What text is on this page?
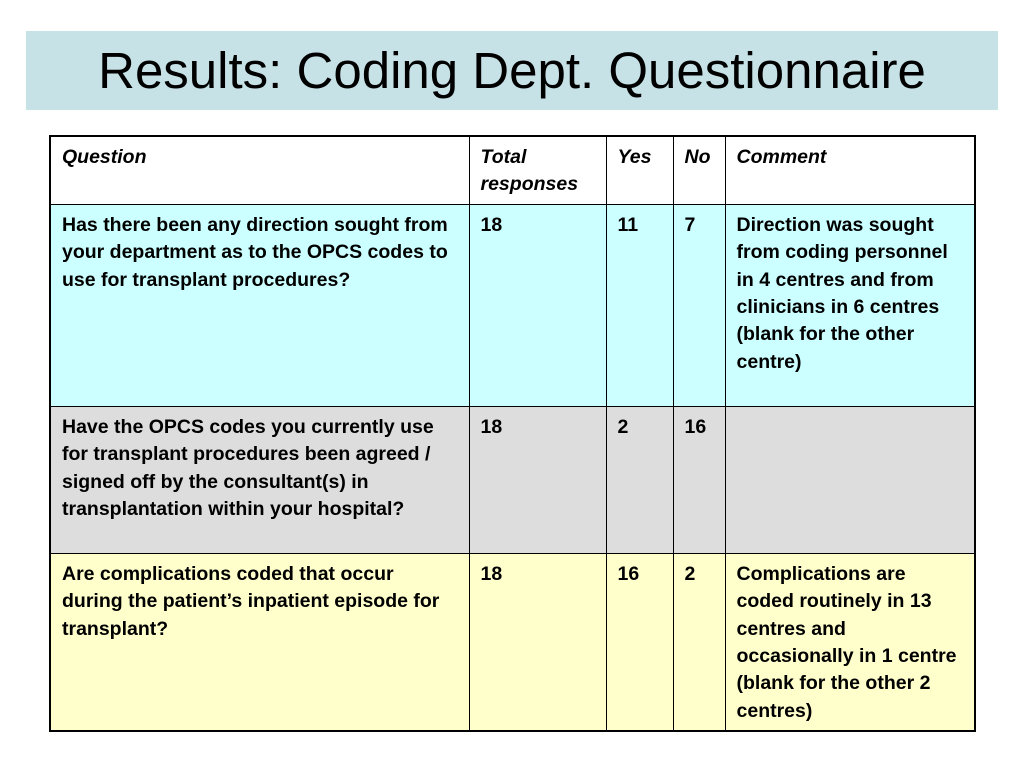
Results: Coding Dept. Questionnaire
Question	Total responses	Yes	No	Comment
Has there been any direction sought from your department as to the OPCS codes to use for transplant procedures?	18	11	7	Direction was sought from coding personnel in 4 centres and from clinicians in 6 centres (blank for the other centre)
Have the OPCS codes you currently use for transplant procedures been agreed / signed off by the consultant(s) in transplantation within your hospital?	18	2	16	
Are complications coded that occur during the patient’s inpatient episode for transplant?	18	16	2	Complications are coded routinely in 13 centres and occasionally in 1 centre (blank for the other 2 centres)
